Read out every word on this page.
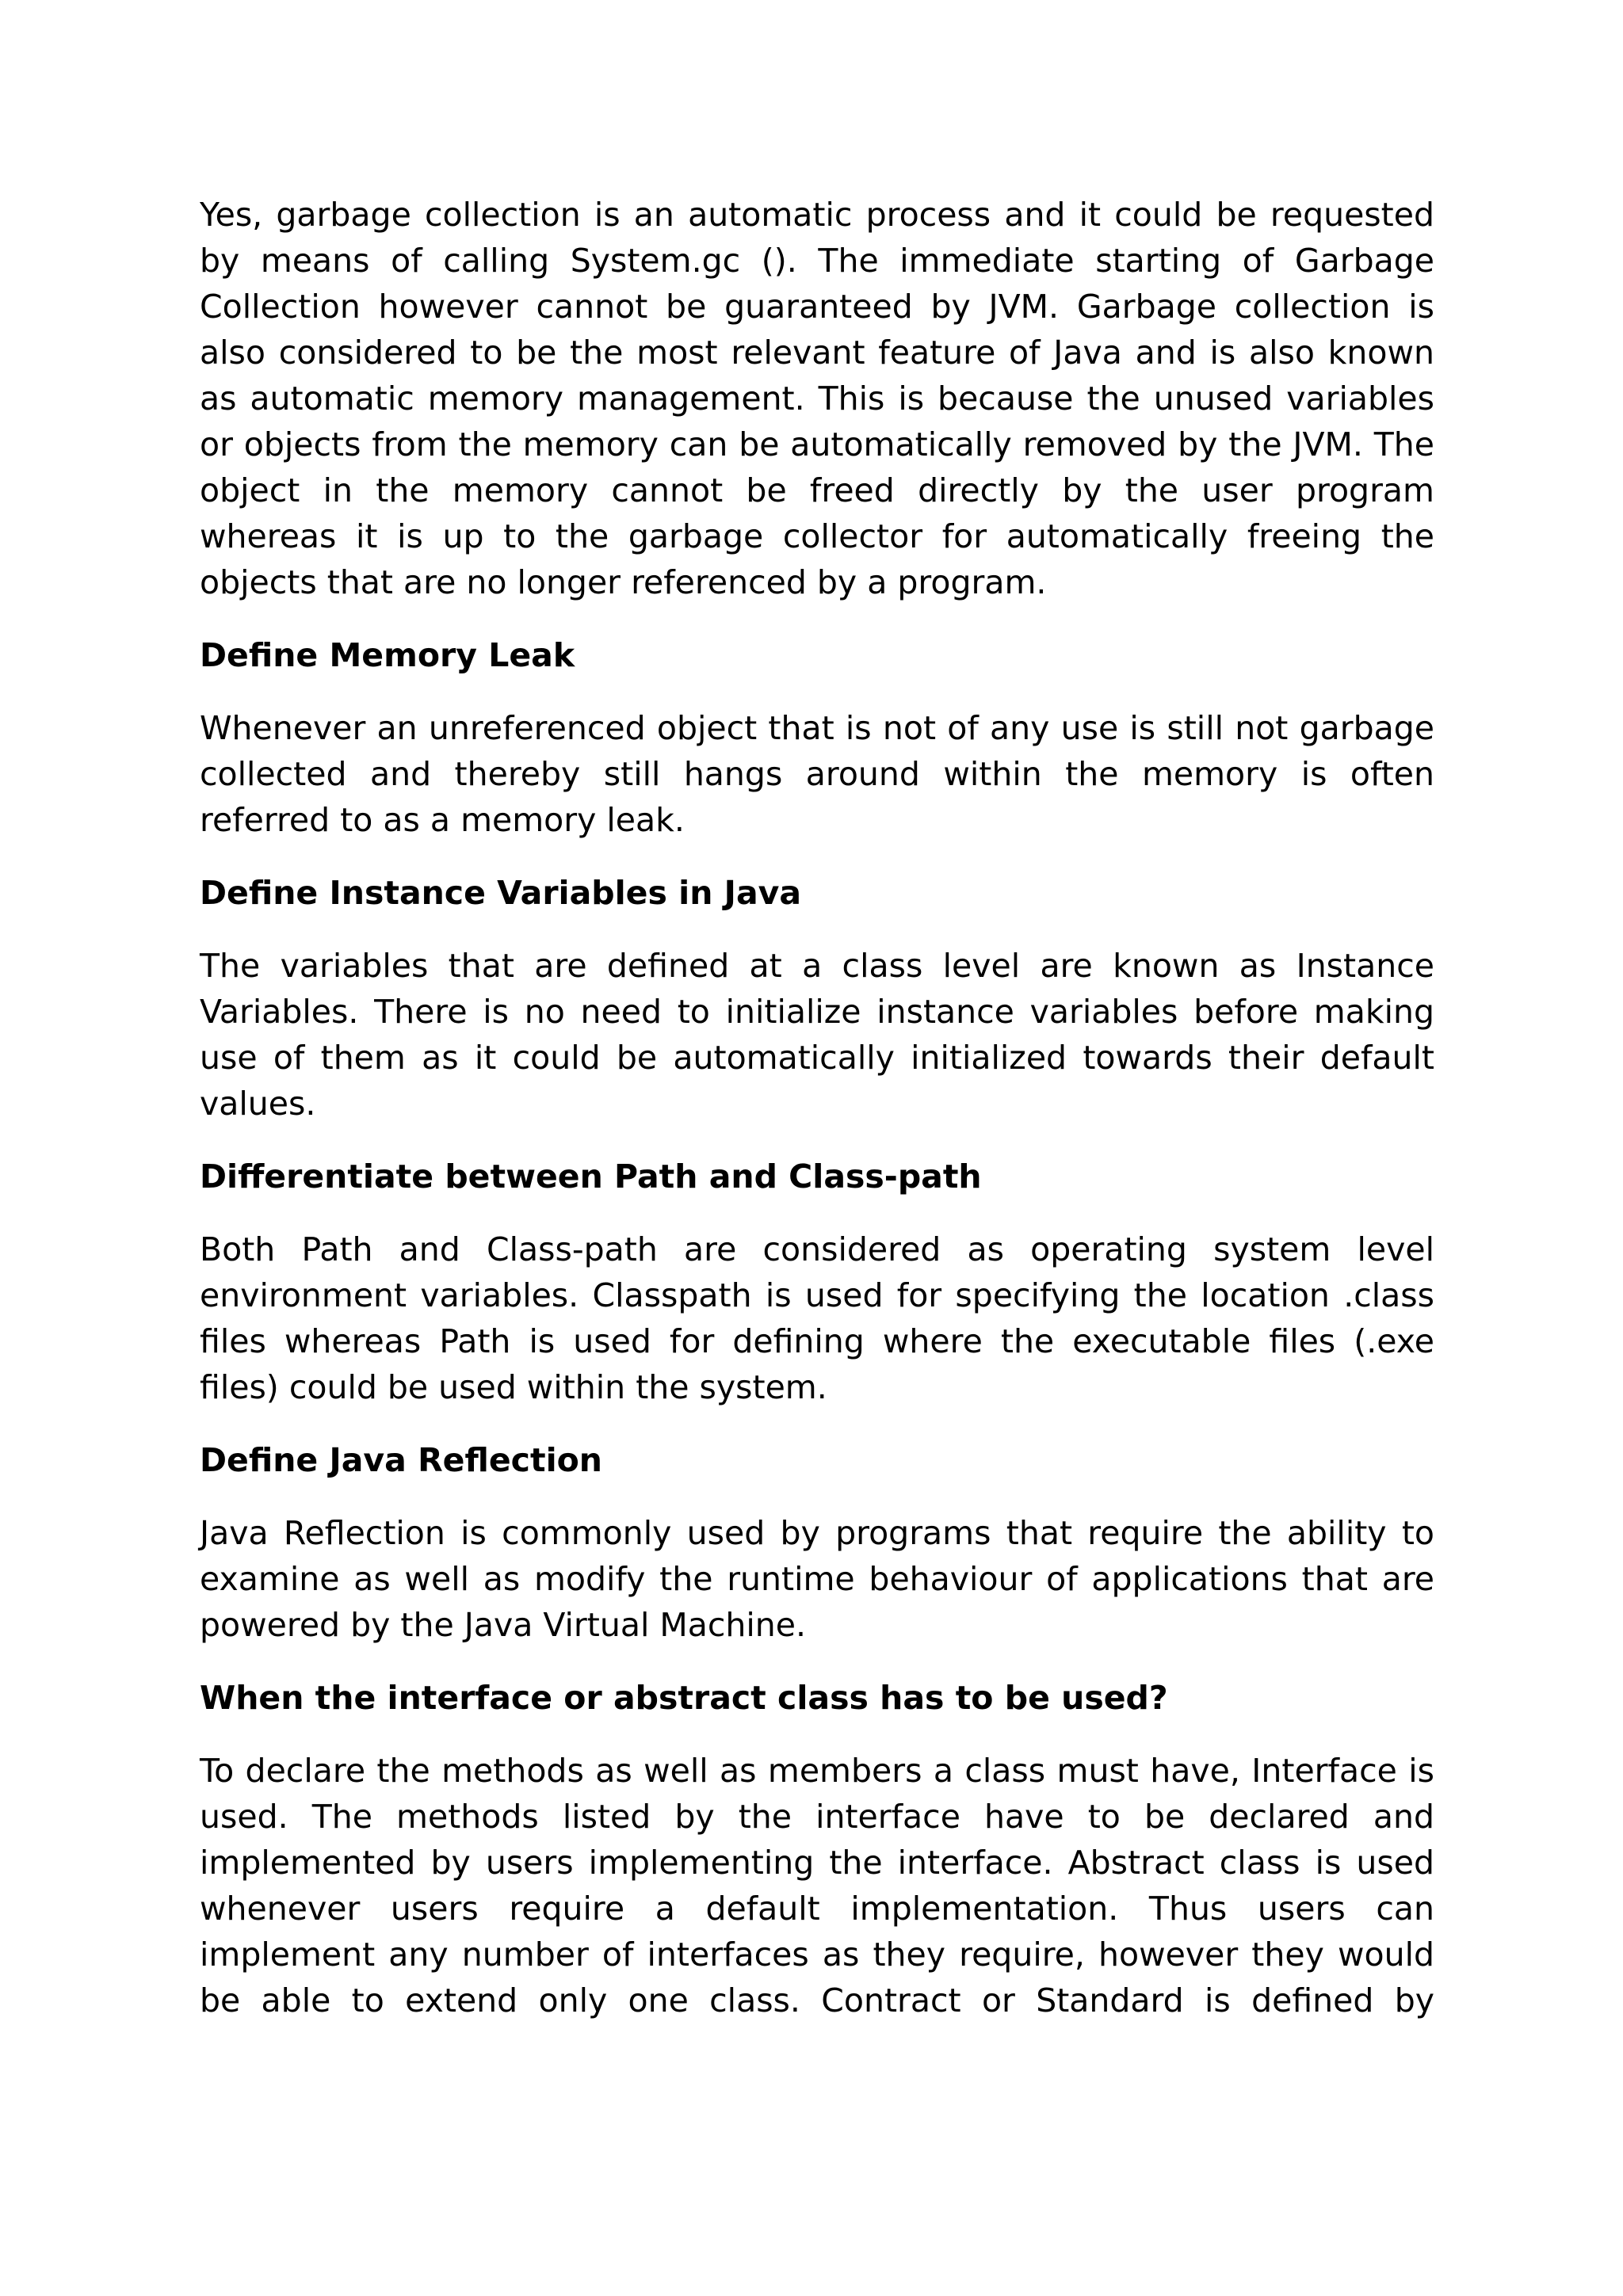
Yes, garbage collection is an automatic process and it could be requested by means of calling System.gc (). The immediate starting of Garbage Collection however cannot be guaranteed by JVM. Garbage collection is also considered to be the most relevant feature of Java and is also known as automatic memory management. This is because the unused variables or objects from the memory can be automatically removed by the JVM. The object in the memory cannot be freed directly by the user program whereas it is up to the garbage collector for automatically freeing the objects that are no longer referenced by a program.

Define Memory Leak

Whenever an unreferenced object that is not of any use is still not garbage collected and thereby still hangs around within the memory is often referred to as a memory leak.

Define Instance Variables in Java

The variables that are defined at a class level are known as Instance Variables. There is no need to initialize instance variables before making use of them as it could be automatically initialized towards their default values.

Differentiate between Path and Class-path

Both Path and Class-path are considered as operating system level environment variables. Classpath is used for specifying the location .class files whereas Path is used for defining where the executable files (.exe files) could be used within the system.

Define Java Reflection

Java Reflection is commonly used by programs that require the ability to examine as well as modify the runtime behaviour of applications that are powered by the Java Virtual Machine.

When the interface or abstract class has to be used?

To declare the methods as well as members a class must have, Interface is used. The methods listed by the interface have to be declared and implemented by users implementing the interface. Abstract class is used whenever users require a default implementation. Thus users can implement any number of interfaces as they require, however they would be able to extend only one class. Contract or Standard is defined by
